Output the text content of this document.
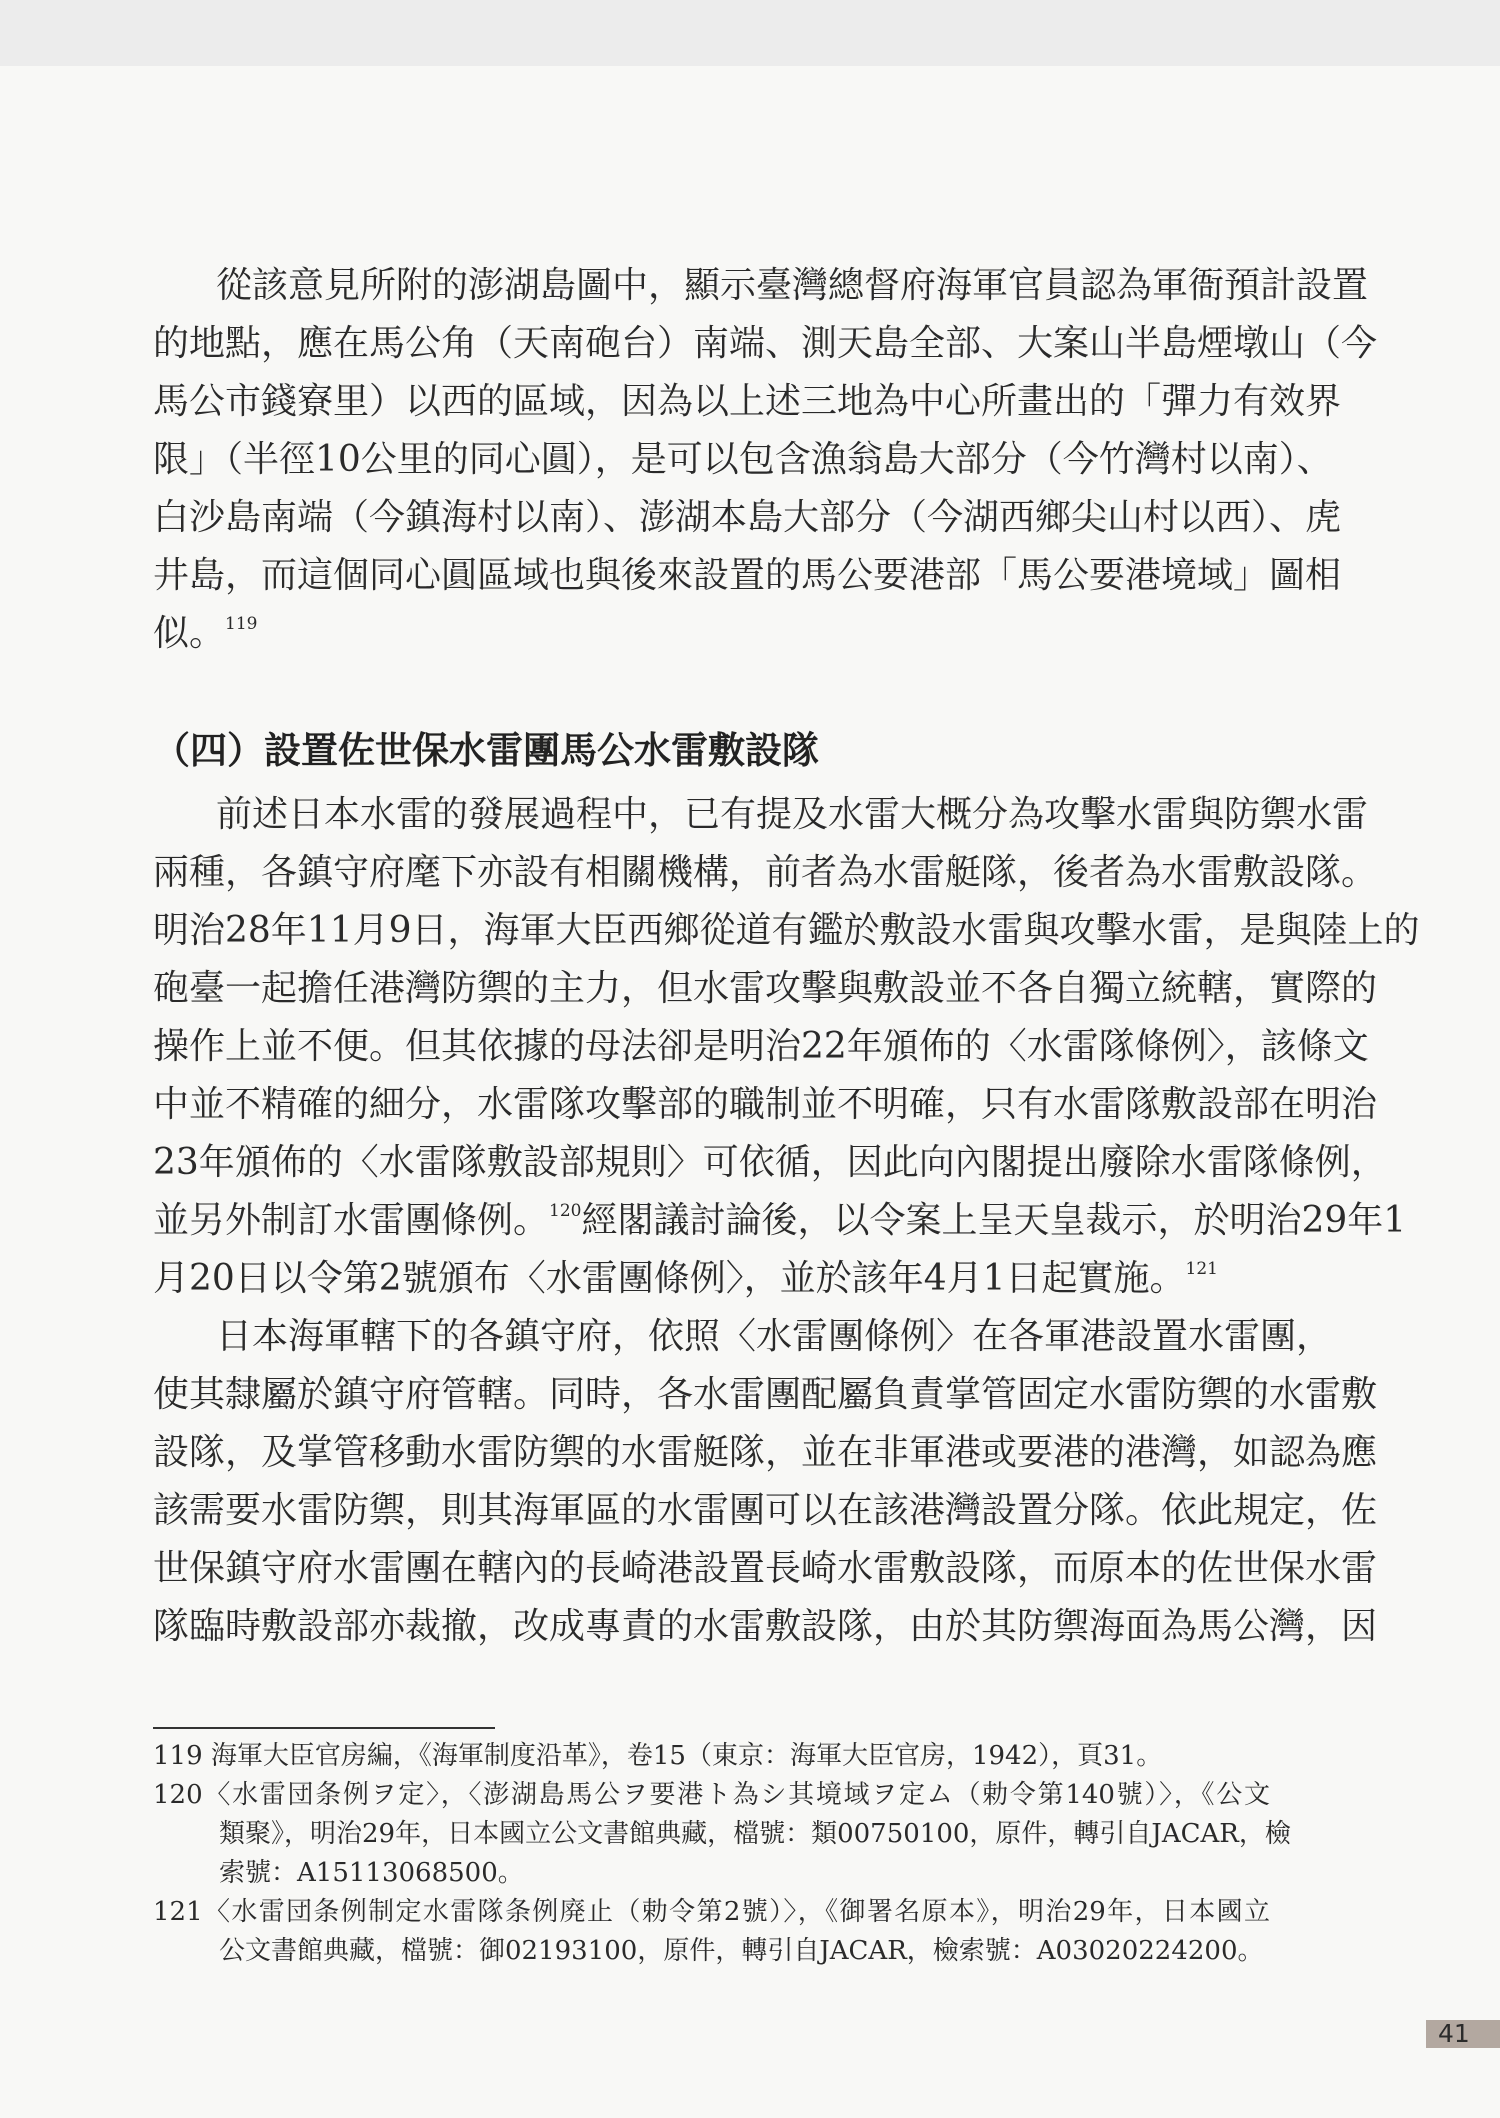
從該意見所附的澎湖島圖中，顯示臺灣總督府海軍官員認為軍衙預計設置
的地點，應在馬公角（天南砲台）南端、測天島全部、大案山半島煙墩山（今
馬公市錢寮里）以西的區域，因為以上述三地為中心所畫出的「彈力有效界
限」（半徑10公里的同心圓），是可以包含漁翁島大部分（今竹灣村以南）、
白沙島南端（今鎮海村以南）、澎湖本島大部分（今湖西鄉尖山村以西）、虎
井島，而這個同心圓區域也與後來設置的馬公要港部「馬公要港境域」圖相
似。$^{119}$
（四）設置佐世保水雷團馬公水雷敷設隊
前述日本水雷的發展過程中，已有提及水雷大概分為攻擊水雷與防禦水雷
兩種，各鎮守府麾下亦設有相關機構，前者為水雷艇隊，後者為水雷敷設隊。
明治28年11月9日，海軍大臣西鄉從道有鑑於敷設水雷與攻擊水雷，是與陸上的
砲臺一起擔任港灣防禦的主力，但水雷攻擊與敷設並不各自獨立統轄，實際的
操作上並不便。但其依據的母法卻是明治22年頒佈的〈水雷隊條例〉，該條文
中並不精確的細分，水雷隊攻擊部的職制並不明確，只有水雷隊敷設部在明治
23年頒佈的〈水雷隊敷設部規則〉可依循，因此向內閣提出廢除水雷隊條例，
並另外制訂水雷團條例。$^{120}$經閣議討論後，以令案上呈天皇裁示，於明治29年1
月20日以令第2號頒布〈水雷團條例〉，並於該年4月1日起實施。$^{121}$
日本海軍轄下的各鎮守府，依照〈水雷團條例〉在各軍港設置水雷團，
使其隸屬於鎮守府管轄。同時，各水雷團配屬負責掌管固定水雷防禦的水雷敷
設隊，及掌管移動水雷防禦的水雷艇隊，並在非軍港或要港的港灣，如認為應
該需要水雷防禦，則其海軍區的水雷團可以在該港灣設置分隊。依此規定，佐
世保鎮守府水雷團在轄內的長崎港設置長崎水雷敷設隊，而原本的佐世保水雷
隊臨時敷設部亦裁撤，改成專責的水雷敷設隊，由於其防禦海面為馬公灣，因
119 海軍大臣官房編，《海軍制度沿革》，卷15（東京：海軍大臣官房，1942），頁31。
120〈水雷団条例ヲ定〉，〈澎湖島馬公ヲ要港ト為シ其境域ヲ定ム（勅令第140號）〉，《公文
類聚》，明治29年，日本國立公文書館典藏，檔號：類00750100，原件，轉引自JACAR，檢
索號：A15113068500。
121〈水雷団条例制定水雷隊条例廃止（勅令第2號）〉，《御署名原本》，明治29年，日本國立
公文書館典藏，檔號：御02193100，原件，轉引自JACAR，檢索號：A03020224200。
41
